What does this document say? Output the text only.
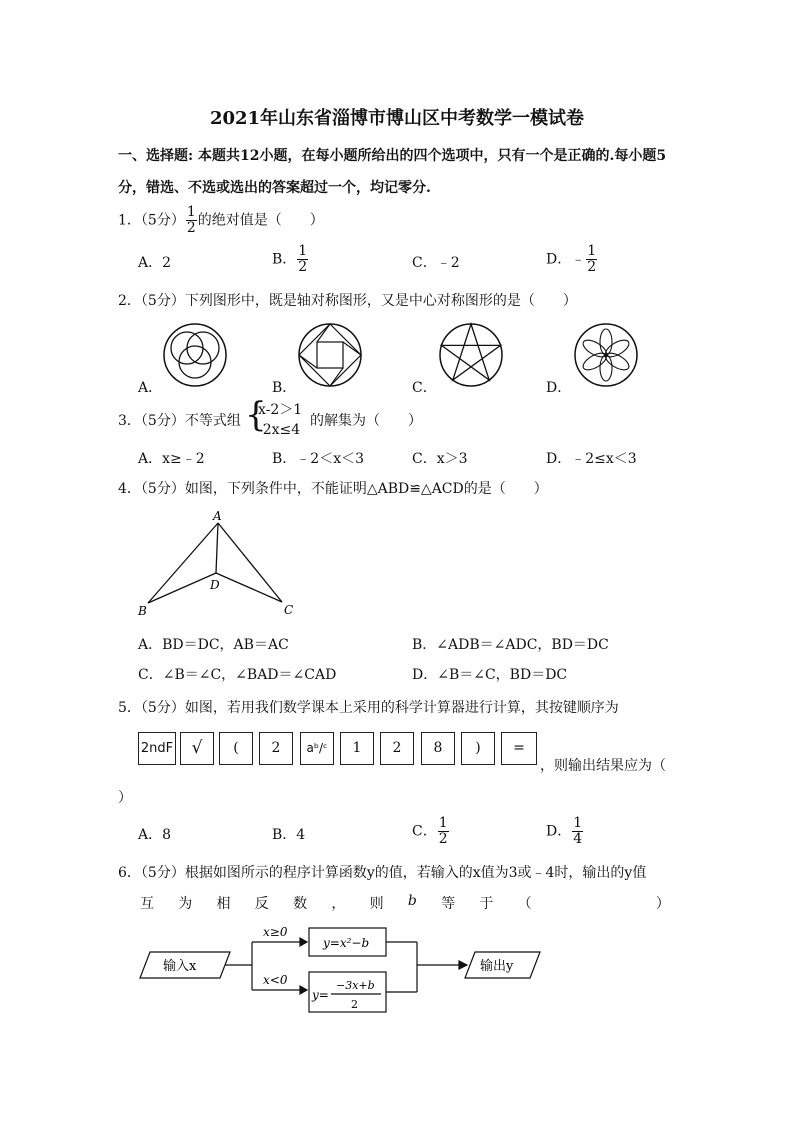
2021年山东省淄博市博山区中考数学一模试卷
一、选择题: 本题共12小题，在每小题所给出的四个选项中，只有一个是正确的.每小题5
分，错选、不选或选出的答案超过一个，均记零分.
1．（5分） $\frac{1}{2}$ 的绝对值是（　　）
A．2	B． $\frac{1}{2}$	C．﹣2	D．﹣ $\frac{1}{2}$
2．（5分）下列图形中，既是轴对称图形，又是中心对称图形的是（　　）
A．	B．	C．	D．
3．（5分）不等式组 {
x-2＞1
-2x≤4
的解集为（　　）
A．x≥﹣2	B．﹣2＜x＜3	C．x＞3	D．﹣2≤x＜3
4．（5分）如图，下列条件中，不能证明△ABD≌△ACD的是（　　）
A
D
B	C
A．BD＝DC，AB＝AC	B．∠ADB＝∠ADC，BD＝DC
C．∠B＝∠C，∠BAD＝∠CAD	D．∠B＝∠C，BD＝DC
5．（5分）如图，若用我们数学课本上采用的科学计算器进行计算，其按键顺序为
2ndF	√	(	2	aᵇ/ᶜ	1	2	8	)	=
，则输出结果应为（
）
A．8	B．4	C． $\frac{1}{2}$	D． $\frac{1}{4}$
6．（5分）根据如图所示的程序计算函数y的值，若输入的x值为3或﹣4时，输出的y值
互 为 相 反 数 ， 则 b 等 于 （	）
输入x
x≥0
x<0
y=x²−b
y=
−3x+b
2
输出y
